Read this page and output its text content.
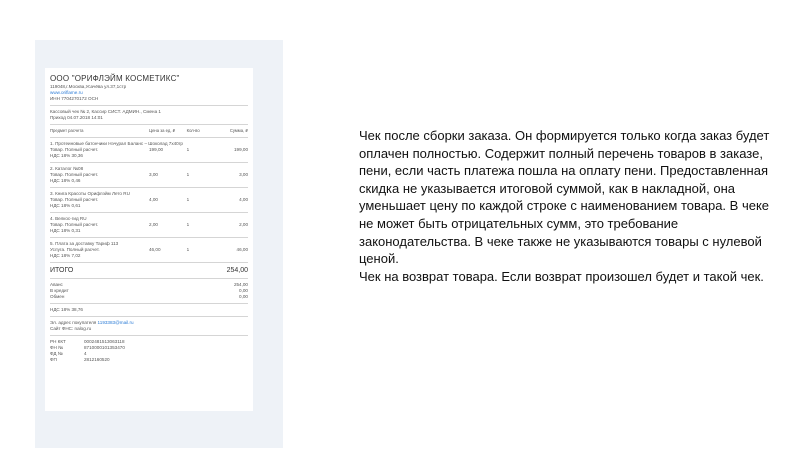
ООО "ОРИФЛЭЙМ КОСМЕТИКС"
119048,г.Москва,Усачёва ул.37,1стр
www.oriflame.ru
ИНН 7704270172 ОСН
Кассовый чек № 2, Кассир СИСТ. АДМИН., Смена 1
Приход 04.07.2018 14:01
Предмет расчета	Цена за ед. ₽	Кол-во	Сумма, ₽
1. Протеиновые батончики Нэчурал Баланс – Шоколад 7x40гр
Товар. Полный расчет.	199,00	1	199,00
НДС 18% 30,36
2. Каталог №08
Товар. Полный расчет.	3,00	1	3,00
НДС 18% 0,46
3. Книга Красоты Орифлэйм Лето RU
Товар. Полный расчет.	4,00	1	4,00
НДС 18% 0,61
4. Велкос-гид RU
Товар. Полный расчет.	2,00	1	2,00
НДС 18% 0,31
5. Плата за доставку Тариф 113
Услуга. Полный расчет.	46,00	1	46,00
НДС 18% 7,02
ИТОГО	254,00
Аванс	254,00
В кредит	0,00
Обмен	0,00
НДС 18% 38,76
Эл. адрес покупателя 1193383@mail.ru
Сайт ФНС: nalog.ru
РН ККТ	0002481513063118
ФН №	8710000101353470
ФД №	4
ФП	2812160520
Чек после сборки заказа. Он формируется только когда заказ будет оплачен полностью. Содержит полный перечень товаров в заказе, пени, если часть платежа пошла на оплату пени. Предоставленная скидка не указывается итоговой суммой, как в накладной, она уменьшает цену по каждой строке с наименованием товара. В чеке не может быть отрицательных сумм, это требование законодательства. В чеке также не указываются товары с нулевой ценой.
Чек на возврат товара. Если возврат произошел будет и такой чек.
